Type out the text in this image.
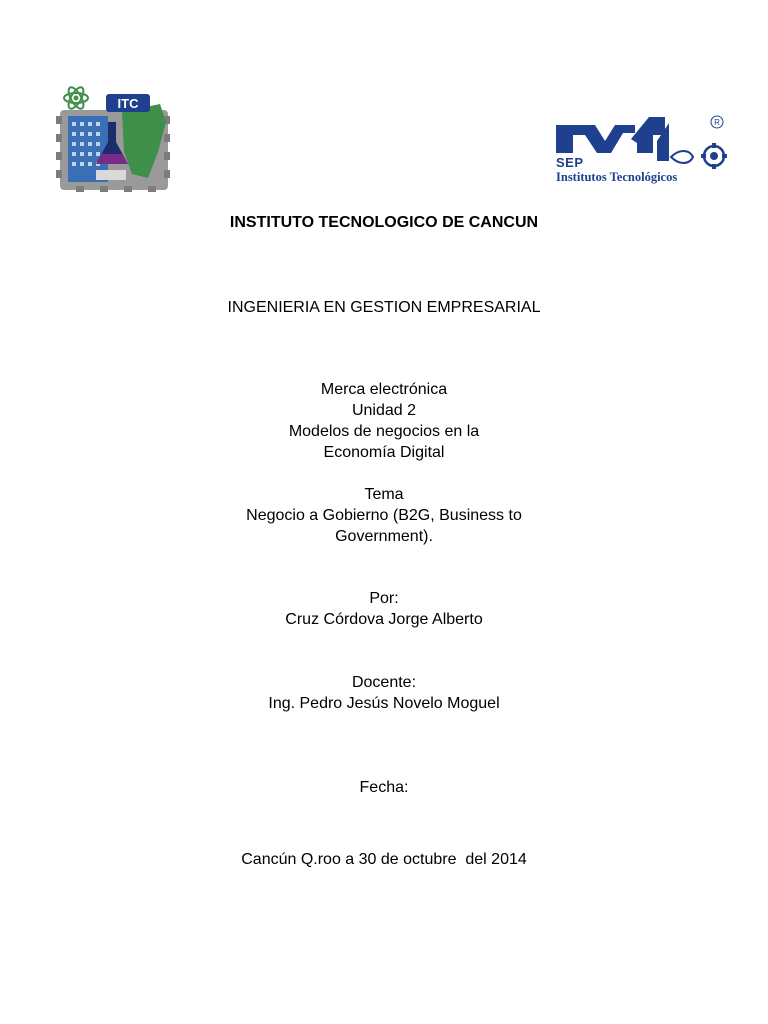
ITC
R
SEP
Institutos Tecnológicos
INSTITUTO TECNOLOGICO DE CANCUN
INGENIERIA EN GESTION EMPRESARIAL
Merca electrónica
Unidad 2
Modelos de negocios en la
Economía Digital
Tema
Negocio a Gobierno (B2G, Business to
Government).
Por:
Cruz Córdova Jorge Alberto
Docente:
Ing. Pedro Jesús Novelo Moguel
Fecha:
Cancún Q.roo a 30 de octubre  del 2014
